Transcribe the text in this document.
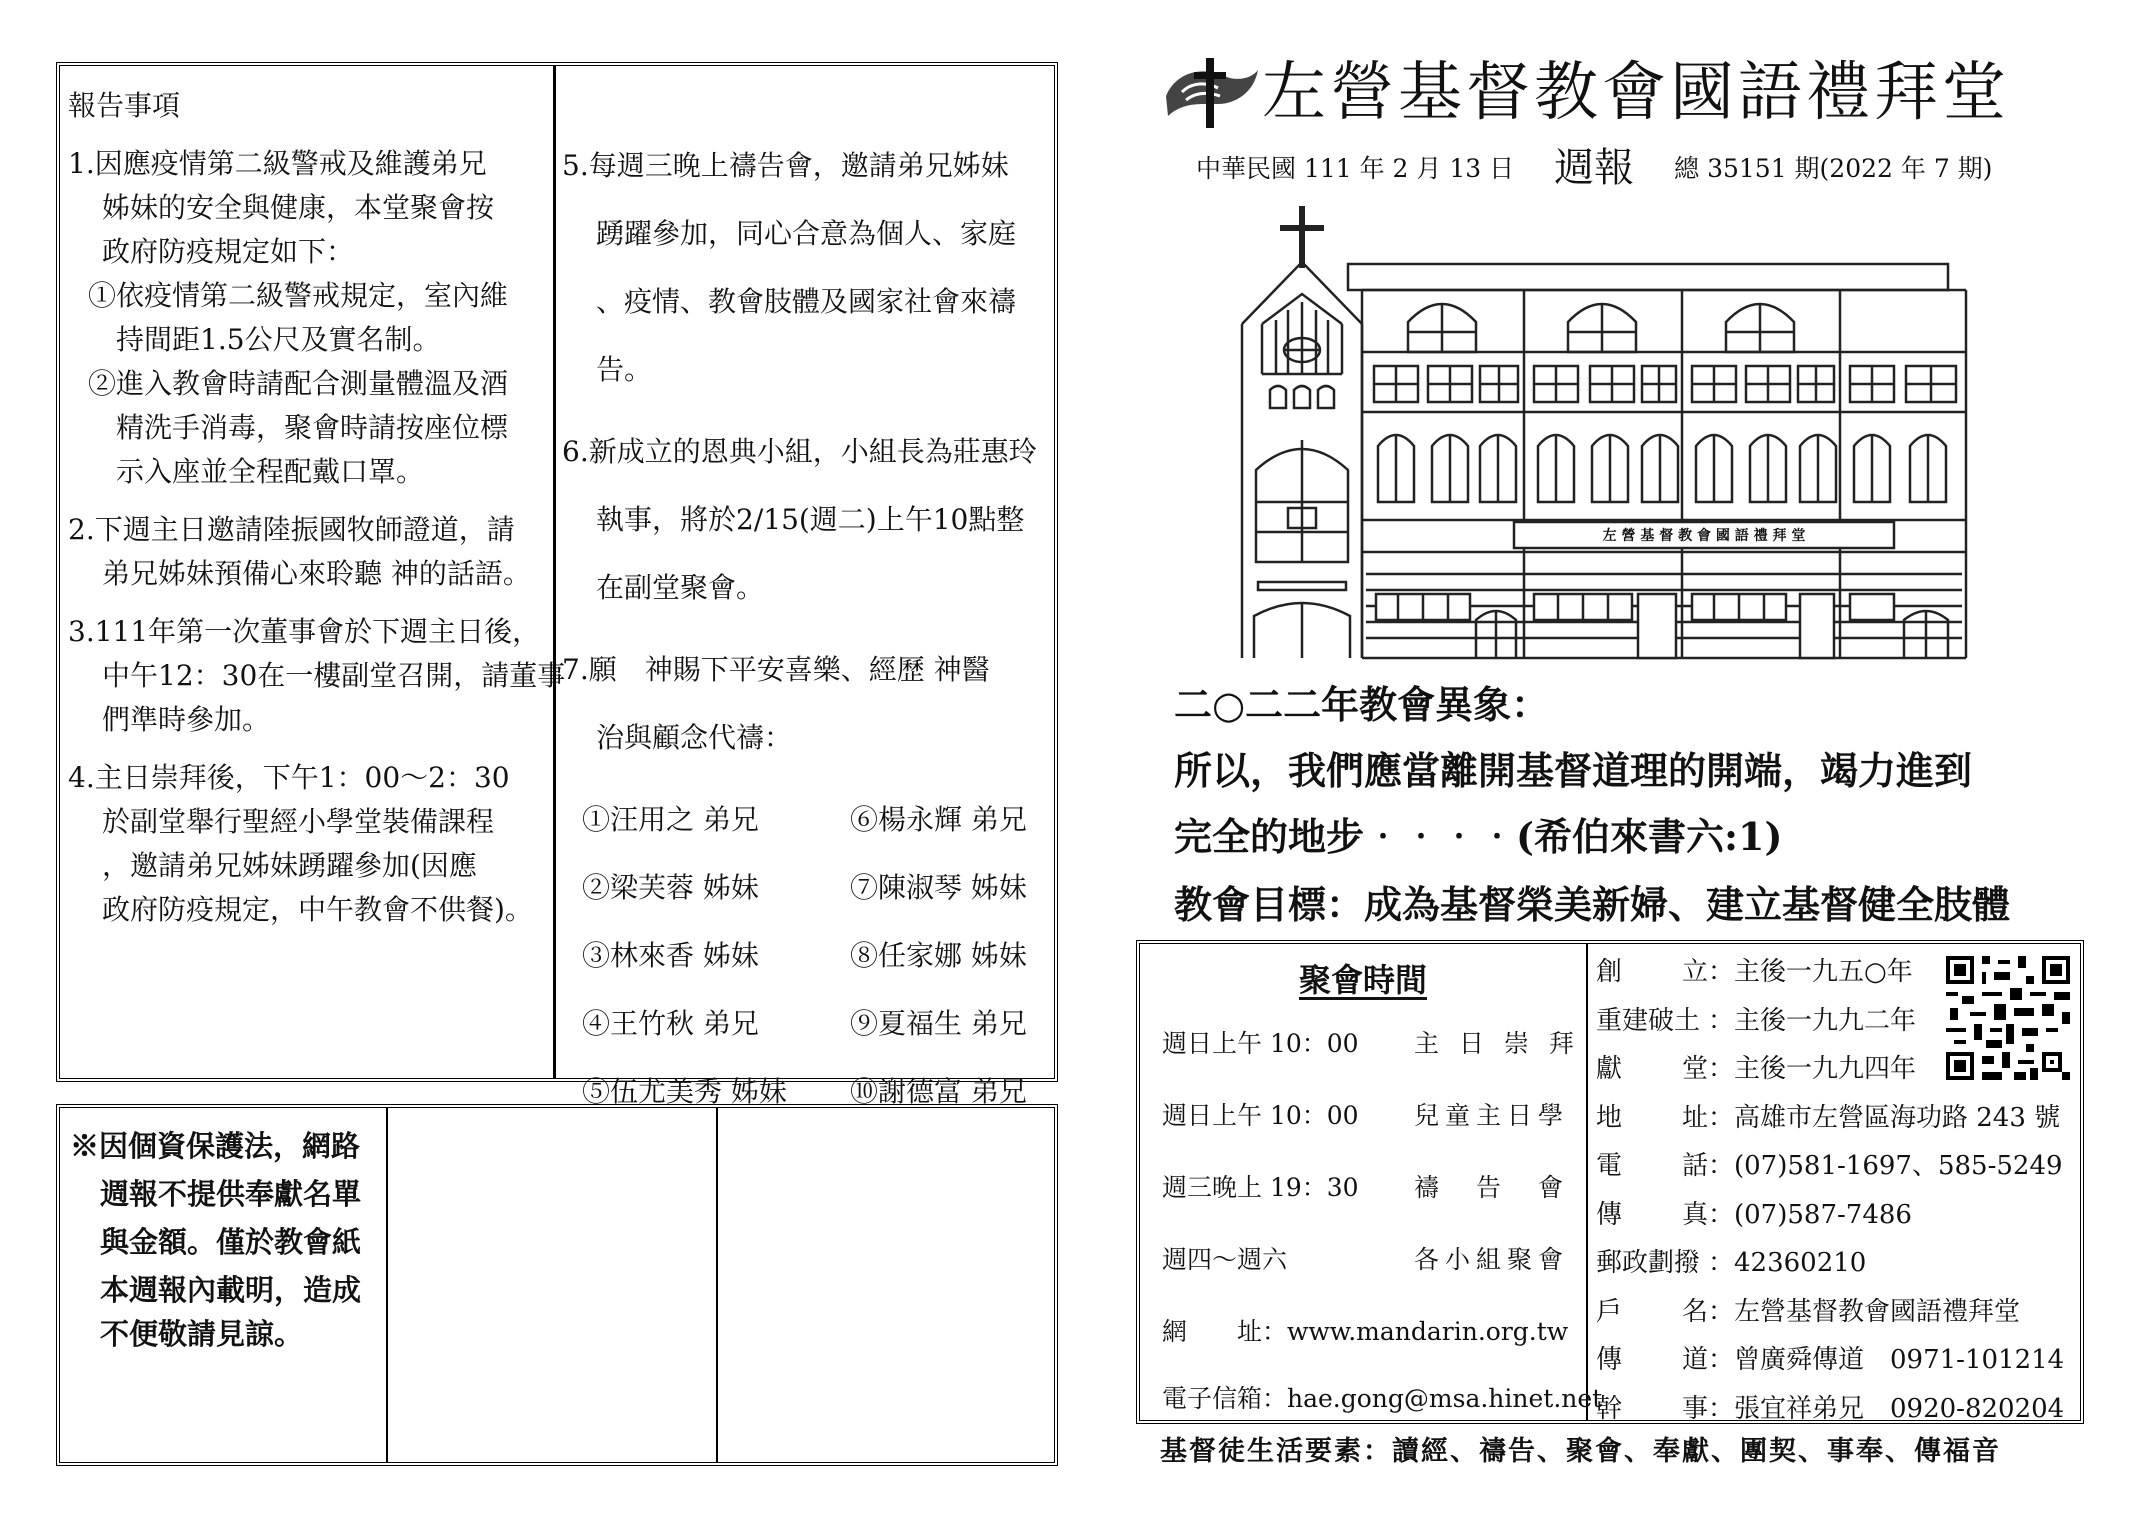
報告事項
1.因應疫情第二級警戒及維護弟兄
姊妹的安全與健康，本堂聚會按
政府防疫規定如下：
①依疫情第二級警戒規定，室內維
持間距1.5公尺及實名制。
②進入教會時請配合測量體溫及酒
精洗手消毒，聚會時請按座位標
示入座並全程配戴口罩。
2.下週主日邀請陸振國牧師證道，請
弟兄姊妹預備心來聆聽 神的話語。
3.111年第一次董事會於下週主日後，
中午12：30在一樓副堂召開，請董事
們準時參加。
4.主日崇拜後，下午1：00～2：30
於副堂舉行聖經小學堂裝備課程
，邀請弟兄姊妹踴躍參加(因應
政府防疫規定，中午教會不供餐)。
5.每週三晚上禱告會，邀請弟兄姊妹
踴躍參加，同心合意為個人、家庭
、疫情、教會肢體及國家社會來禱
告。
6.新成立的恩典小組，小組長為莊惠玲
執事，將於2/15(週二)上午10點整
在副堂聚會。
7.願　神賜下平安喜樂、經歷 神醫
治與顧念代禱：
①汪用之 弟兄	⑥楊永輝 弟兄
②梁芙蓉 姊妹	⑦陳淑琴 姊妹
③林來香 姊妹	⑧任家娜 姊妹
④王竹秋 弟兄	⑨夏福生 弟兄
⑤伍尤美秀 姊妹	⑩謝德富 弟兄
※因個資保護法，網路
週報不提供奉獻名單
與金額。僅於教會紙
本週報內載明，造成
不便敬請見諒。
左營基督教會國語禮拜堂
中華民國 111 年 2 月 13 日 週報 總 35151 期(2022 年 7 期)
左 營 基 督 教 會 國 語 禮 拜 堂
二○二二年教會異象：
所以，我們應當離開基督道理的開端，竭力進到
完全的地步‧‧‧‧(希伯來書六:1)
教會目標：成為基督榮美新婦、建立基督健全肢體
聚會時間
週日上午 10：00	主 日 崇 拜
週日上午 10：00	兒童主日學
週三晚上 19：30	禱　告　會
週四～週六	各小組聚會
網　　址：www.mandarin.org.tw
電子信箱：hae.gong@msa.hinet.net
創 立 ：主後一九五○年
重建破土 ：主後一九九二年
獻 堂 ：主後一九九四年
地 址 ：高雄市左營區海功路 243 號
電 話 ：(07)581-1697、585-5249
傳 真 ：(07)587-7486
郵政劃撥 ：42360210
戶 名 ：左營基督教會國語禮拜堂
傳 道 ：曾廣舜傳道　0971-101214
幹 事 ：張宜祥弟兄　0920-820204
基督徒生活要素：讀經、禱告、聚會、奉獻、團契、事奉、傳福音
